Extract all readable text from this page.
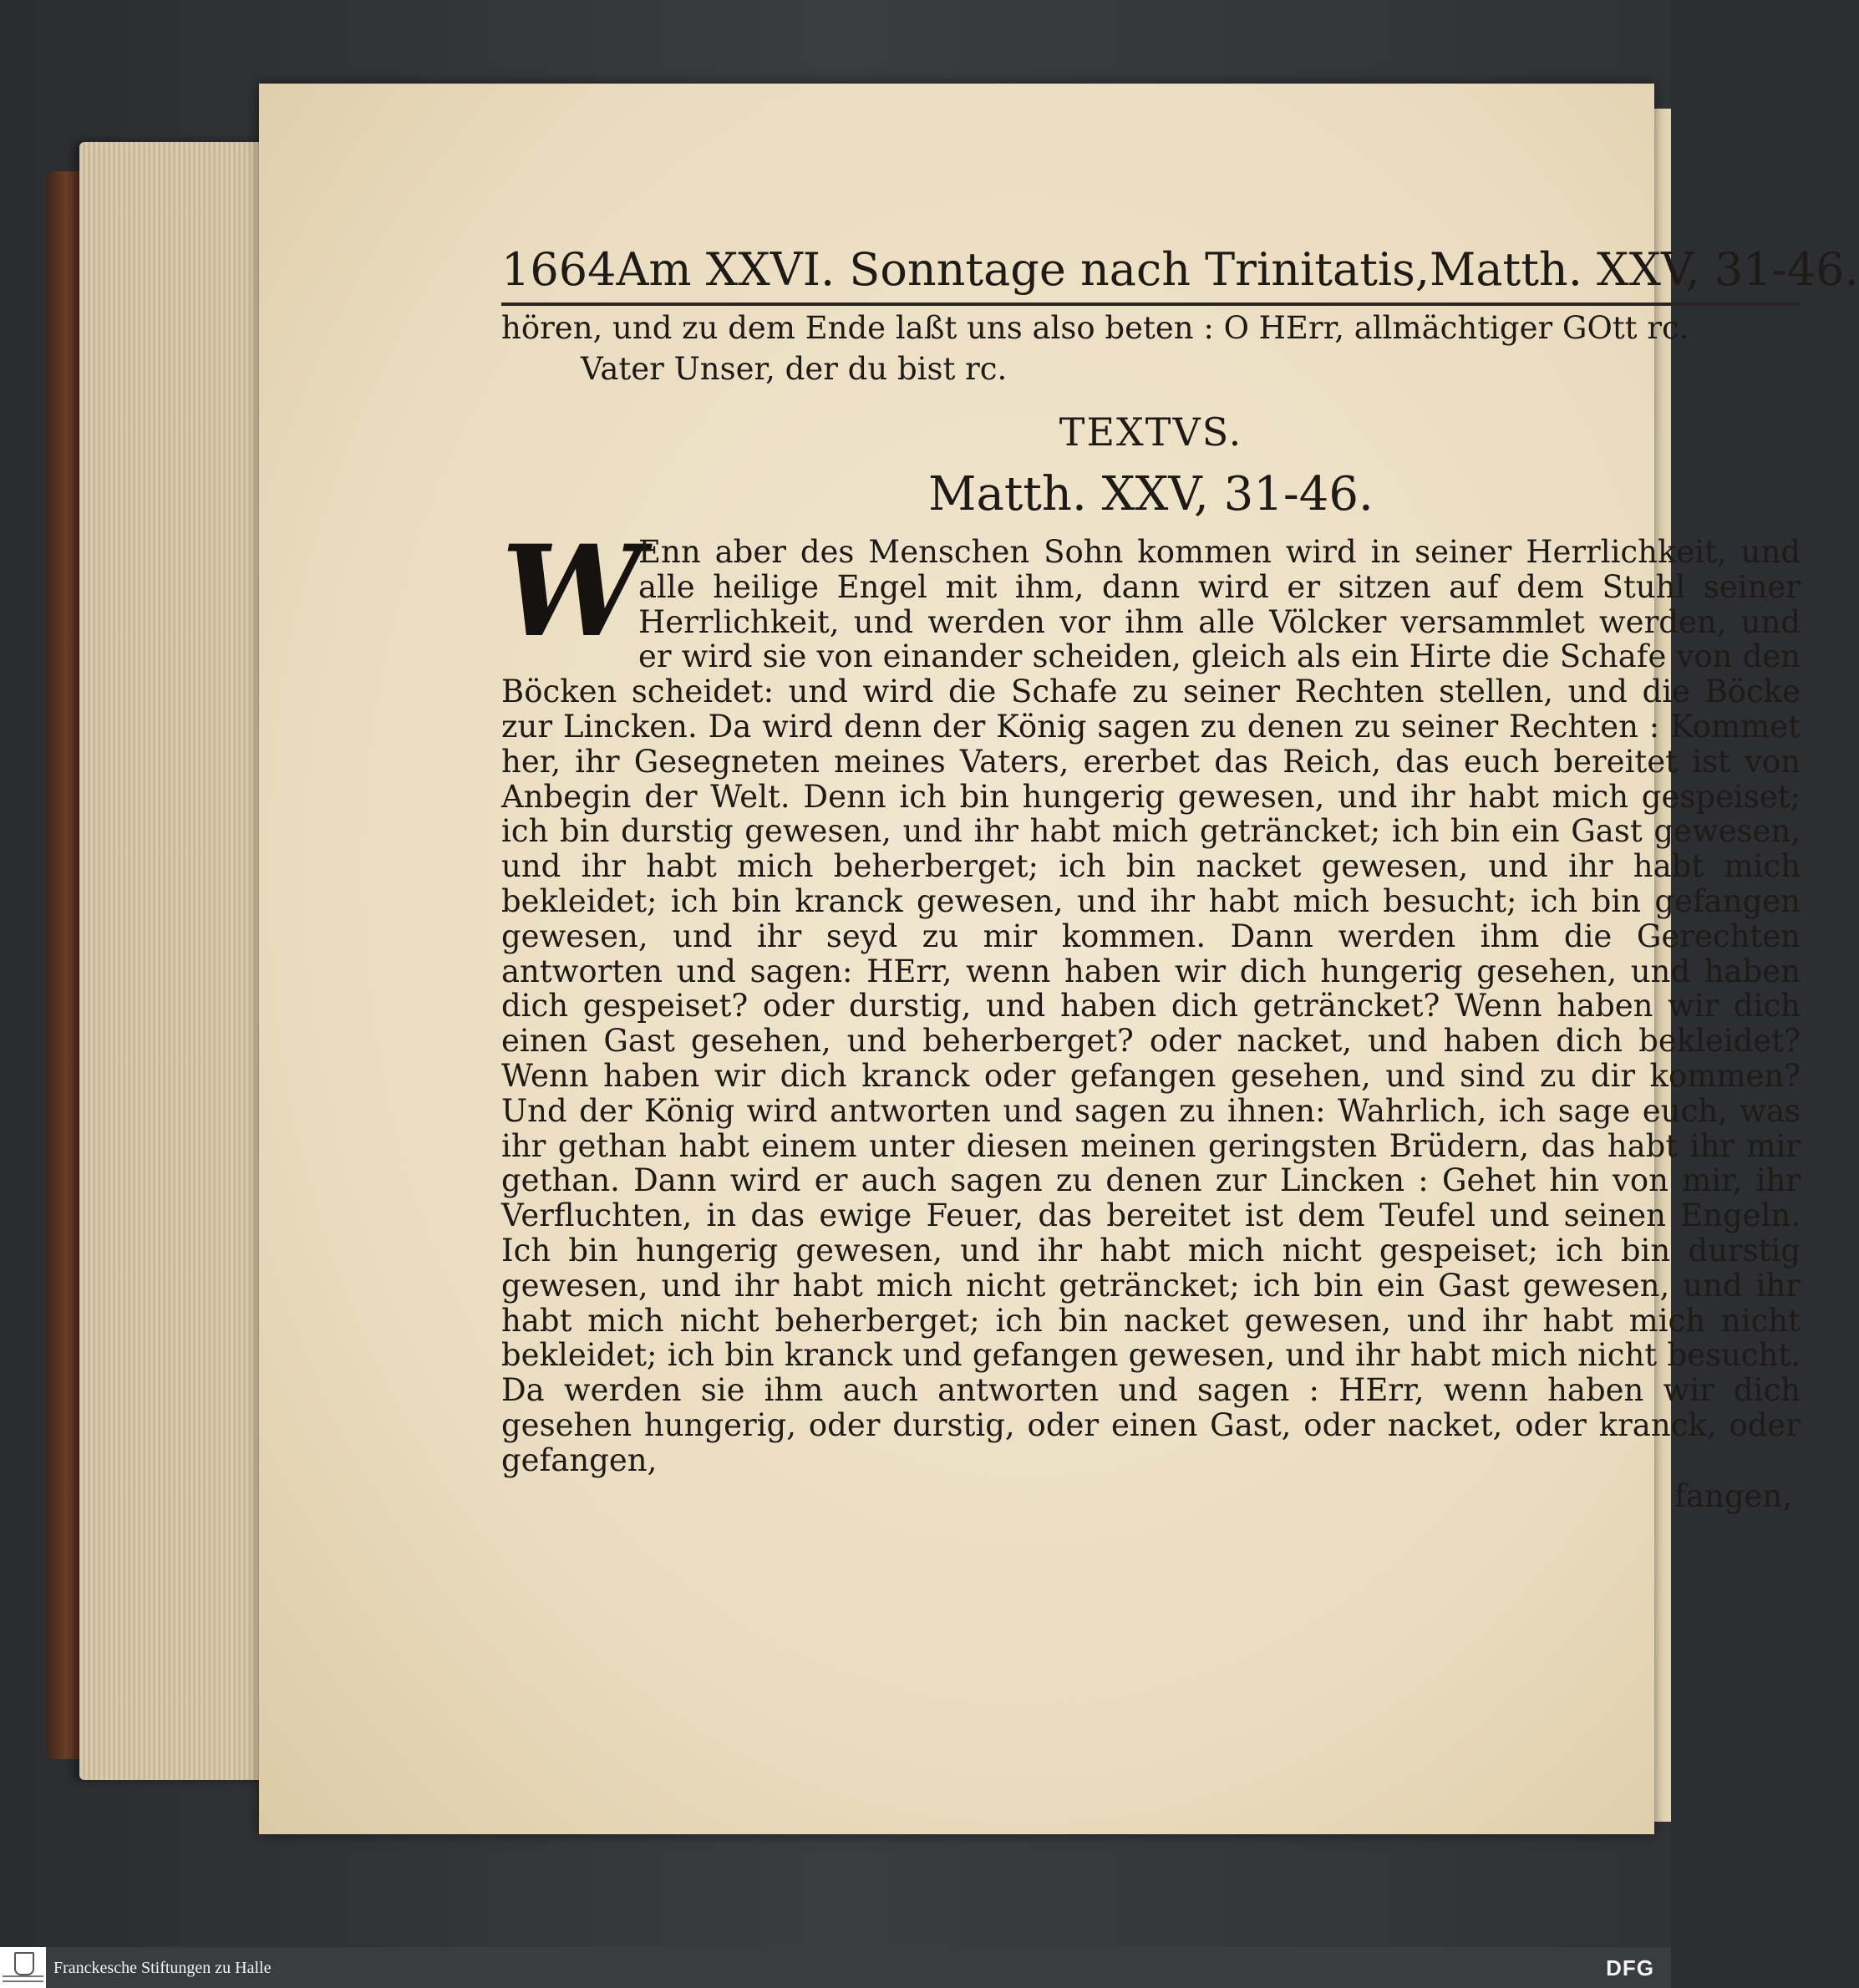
1664 Am XXVI. Sonntage nach Trinitatis, Matth. XXV, 31-46.
hören, und zu dem Ende laßt uns also beten : O HErr, allmächtiger GOtt rc.
Vater Unser, der du bist rc.
TEXTVS.
Matth. XXV, 31-46.
W
Enn aber des Menschen Sohn kommen wird in seiner Herrlichkeit, und alle heilige Engel mit ihm, dann wird er sitzen auf dem Stuhl seiner Herrlichkeit, und werden vor ihm alle Völcker versammlet werden, und er wird sie von einander scheiden, gleich als ein Hirte die Schafe von den Böcken scheidet: und wird die Schafe zu seiner Rechten stellen, und die Böcke zur Lincken. Da wird denn der König sagen zu denen zu seiner Rechten : Kommet her, ihr Gesegneten meines Vaters, ererbet das Reich, das euch bereitet ist von Anbegin der Welt. Denn ich bin hungerig gewesen, und ihr habt mich gespeiset; ich bin durstig gewesen, und ihr habt mich geträncket; ich bin ein Gast gewesen, und ihr habt mich beherberget; ich bin nacket gewesen, und ihr habt mich bekleidet; ich bin kranck gewesen, und ihr habt mich besucht; ich bin gefangen gewesen, und ihr seyd zu mir kommen. Dann werden ihm die Gerechten antworten und sagen: HErr, wenn haben wir dich hungerig gesehen, und haben dich gespeiset? oder durstig, und haben dich geträncket? Wenn haben wir dich einen Gast gesehen, und beherberget? oder nacket, und haben dich bekleidet? Wenn haben wir dich kranck oder gefangen gesehen, und sind zu dir kommen? Und der König wird antworten und sagen zu ihnen: Wahrlich, ich sage euch, was ihr gethan habt einem unter diesen meinen geringsten Brüdern, das habt ihr mir gethan. Dann wird er auch sagen zu denen zur Lincken : Gehet hin von mir, ihr Verfluchten, in das ewige Feuer, das bereitet ist dem Teufel und seinen Engeln. Ich bin hungerig gewesen, und ihr habt mich nicht gespeiset; ich bin durstig gewesen, und ihr habt mich nicht geträncket; ich bin ein Gast gewesen, und ihr habt mich nicht beherberget; ich bin nacket gewesen, und ihr habt mich nicht bekleidet; ich bin kranck und gefangen gewesen, und ihr habt mich nicht besucht. Da werden sie ihm auch antworten und sagen : HErr, wenn haben wir dich gesehen hungerig, oder durstig, oder einen Gast, oder nacket, oder kranck, oder gefangen,
fangen,
Franckesche Stiftungen zu Halle	DFG
